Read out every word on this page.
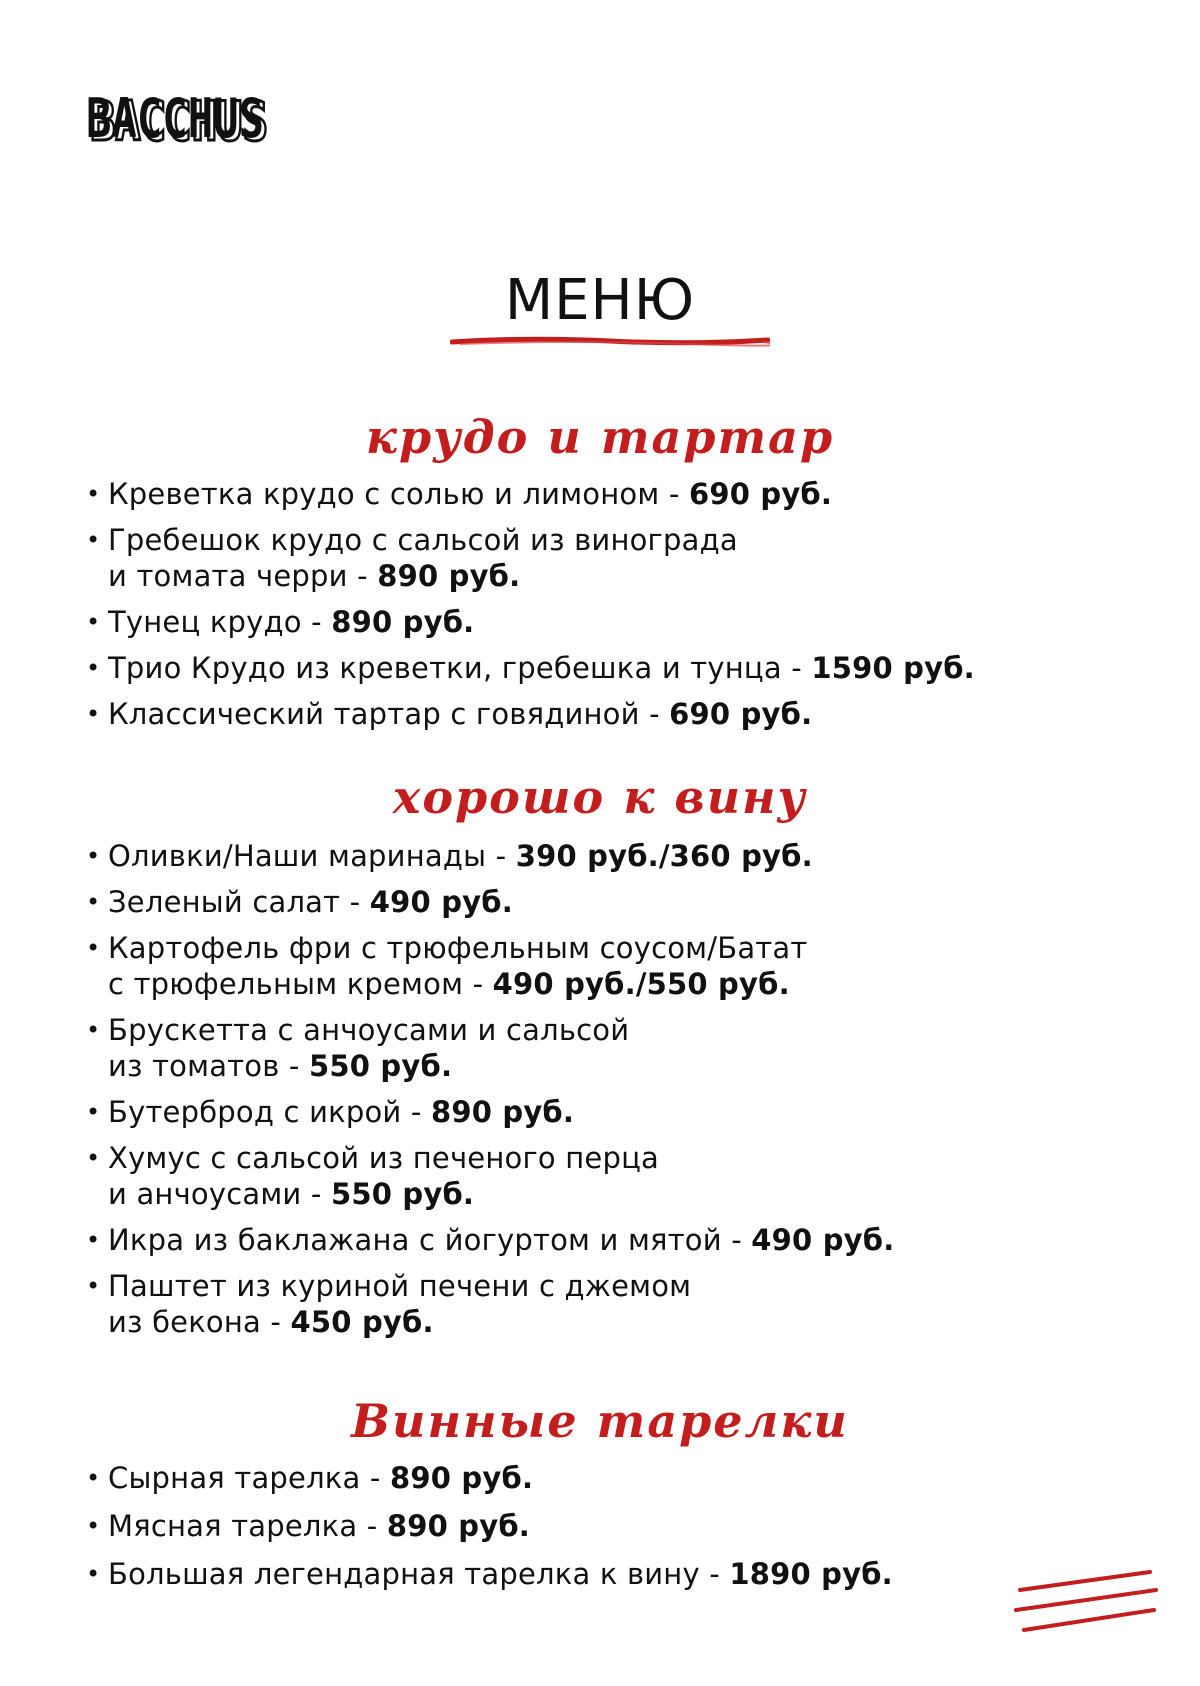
BACCHUS
BACCHUS
МЕНЮ
крудо и тартар
• Креветка крудо с солью и лимоном - 690 руб.
• Гребешок крудо с сальсой из винограда
и томата черри - 890 руб.
• Тунец крудо - 890 руб.
• Трио Крудо из креветки, гребешка и тунца - 1590 руб.
• Классический тартар с говядиной - 690 руб.
хорошо к вину
• Оливки/Наши маринады - 390 руб./360 руб.
• Зеленый салат - 490 руб.
• Картофель фри с трюфельным соусом/Батат
с трюфельным кремом - 490 руб./550 руб.
• Брускетта с анчоусами и сальсой
из томатов - 550 руб.
• Бутерброд с икрой - 890 руб.
• Хумус с сальсой из печеного перца
и анчоусами - 550 руб.
• Икра из баклажана с йогуртом и мятой - 490 руб.
• Паштет из куриной печени с джемом
из бекона - 450 руб.
Винные тарелки
• Сырная тарелка - 890 руб.
• Мясная тарелка - 890 руб.
• Большая легендарная тарелка к вину - 1890 руб.
